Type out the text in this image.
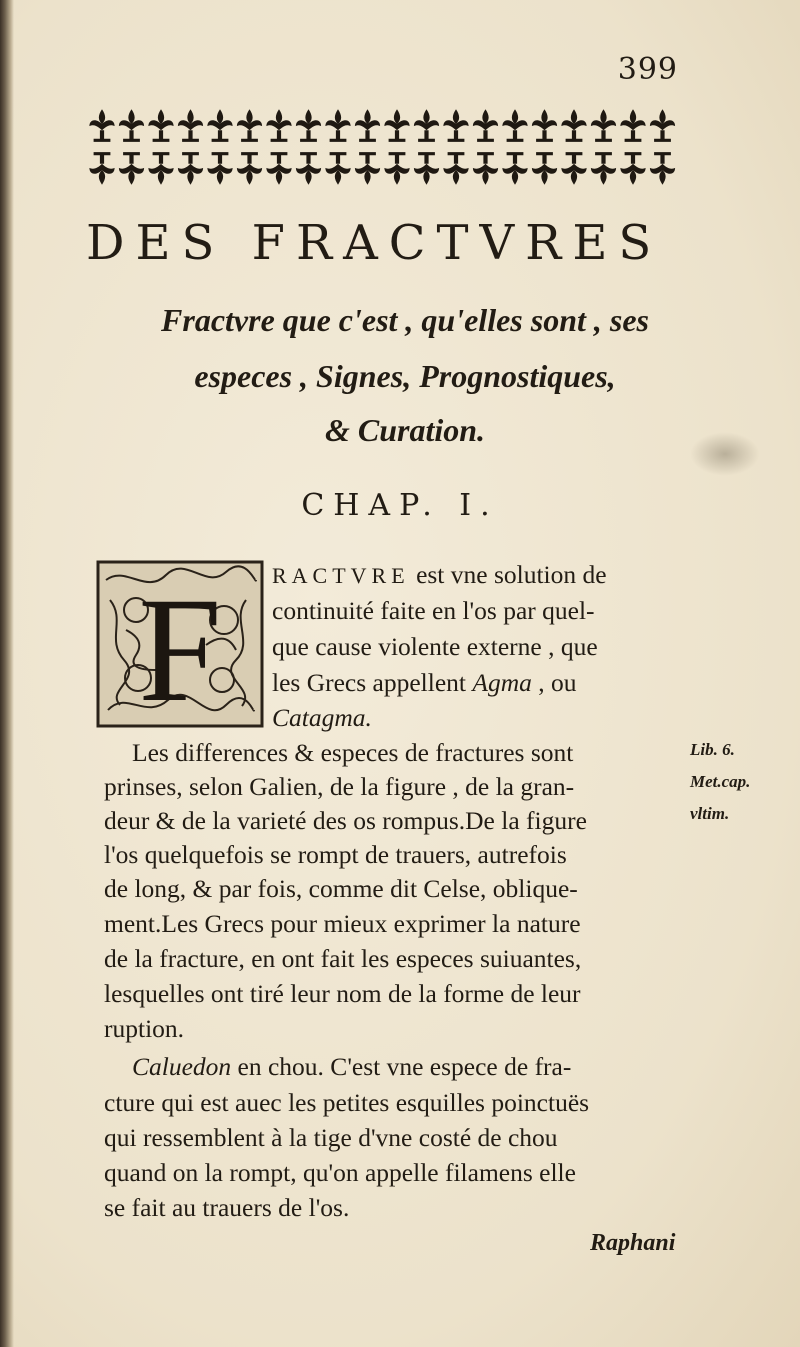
399
DES FRACTVRES
Fractvre que c'est , qu'elles sont , ses
especes , Signes, Prognostiques,
& Curation.
CHAP. I.
F RACTVRE est vne solution de
continuité faite en l'os par quel-
que cause violente externe , que
les Grecs appellent Agma , ou
Catagma.
Les differences & especes de fractures sont
prinses, selon Galien, de la figure , de la gran-
deur & de la varieté des os rompus.De la figure
l'os quelquefois se rompt de trauers, autrefois
de long, & par fois, comme dit Celse, oblique-
ment.Les Grecs pour mieux exprimer la nature
de la fracture, en ont fait les especes suiuantes,
lesquelles ont tiré leur nom de la forme de leur
ruption.
Caluedon en chou. C'est vne espece de fra-
cture qui est auec les petites esquilles poinctuës
qui ressemblent à la tige d'vne costé de chou
quand on la rompt, qu'on appelle filamens elle
se fait au trauers de l'os.
Lib. 6.
Met.cap.
vltim.
Raphani
